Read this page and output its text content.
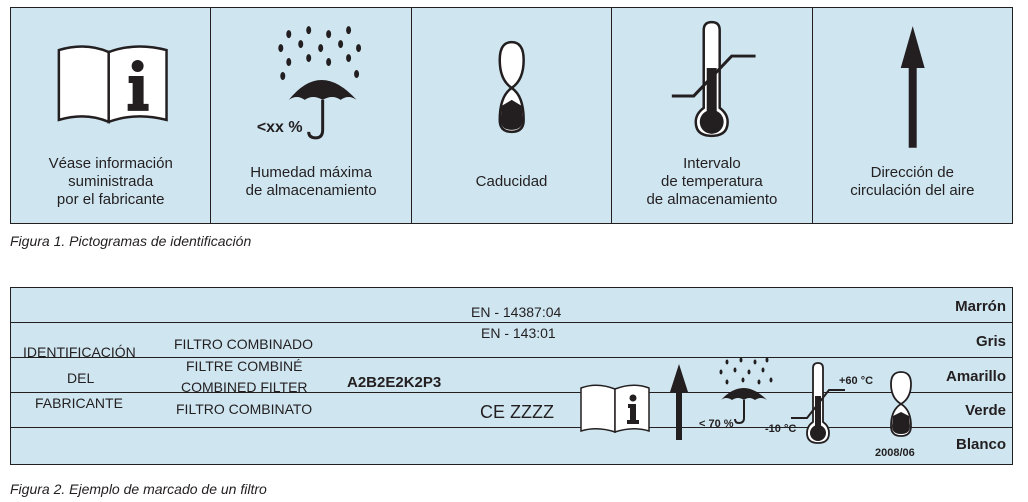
Véase información
suministrada
por el fabricante
<xx %
Humedad máxima
de almacenamiento
Caducidad
Intervalo
de temperatura
de almacenamiento
Dirección de
circulación del aire
Figura 1. Pictogramas de identificación
EN - 14387:04
EN - 143:01
IDENTIFICACIÓN
DEL
FABRICANTE
FILTRO COMBINADO
FILTRE COMBINÉ
COMBINED FILTER
FILTRO COMBINATO
A2B2E2K2P3
CE ZZZZ
< 70 %
+60 °C
-10 °C
2008/06
Marrón
Gris
Amarillo
Verde
Blanco
Figura 2. Ejemplo de marcado de un filtro
